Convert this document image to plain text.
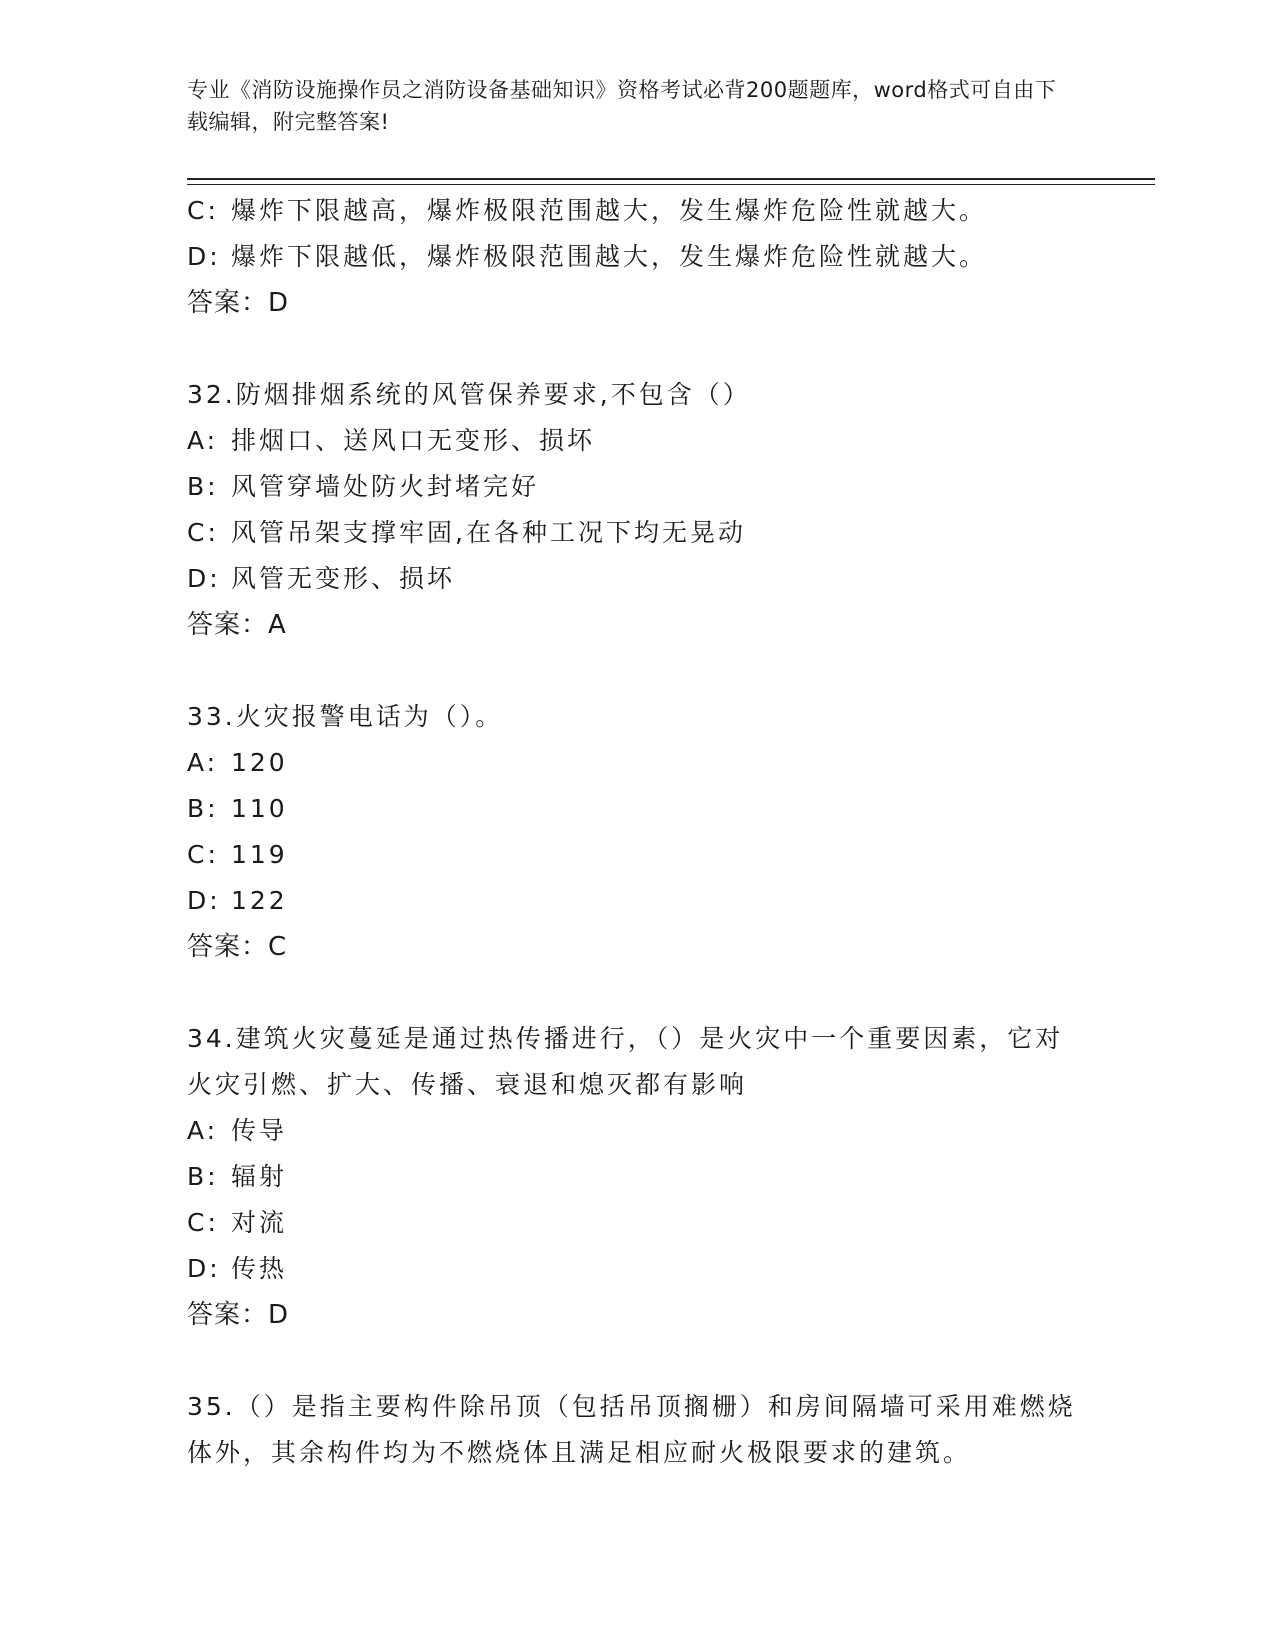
专业《消防设施操作员之消防设备基础知识》资格考试必背200题题库，word格式可自由下载编辑，附完整答案!
C: 爆炸下限越高，爆炸极限范围越大，发生爆炸危险性就越大。
D: 爆炸下限越低，爆炸极限范围越大，发生爆炸危险性就越大。
答案：D
32.防烟排烟系统的风管保养要求,不包含（）
A: 排烟口、送风口无变形、损坏
B: 风管穿墙处防火封堵完好
C: 风管吊架支撑牢固,在各种工况下均无晃动
D: 风管无变形、损坏
答案：A
33.火灾报警电话为（）。
A: 120
B: 110
C: 119
D: 122
答案：C
34.建筑火灾蔓延是通过热传播进行，（）是火灾中一个重要因素，它对火灾引燃、扩大、传播、衰退和熄灭都有影响
A: 传导
B: 辐射
C: 对流
D: 传热
答案：D
35.（）是指主要构件除吊顶（包括吊顶搁栅）和房间隔墙可采用难燃烧体外，其余构件均为不燃烧体且满足相应耐火极限要求的建筑。
